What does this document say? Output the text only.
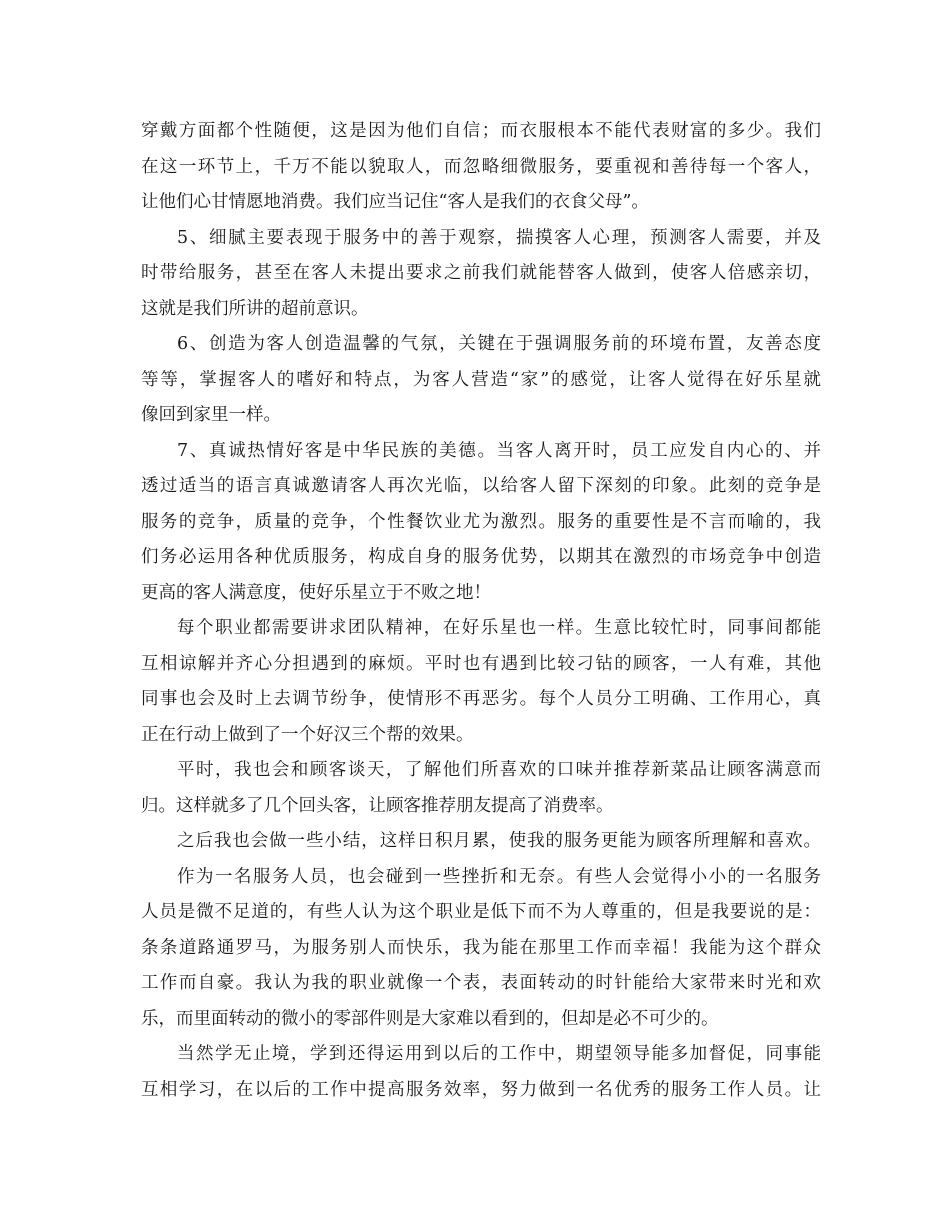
穿戴方面都个性随便，这是因为他们自信；而衣服根本不能代表财富的多少。我们
在这一环节上，千万不能以貌取人，而忽略细微服务，要重视和善待每一个客人，
让他们心甘情愿地消费。我们应当记住“客人是我们的衣食父母”。
5、细腻主要表现于服务中的善于观察，揣摸客人心理，预测客人需要，并及
时带给服务，甚至在客人未提出要求之前我们就能替客人做到，使客人倍感亲切，
这就是我们所讲的超前意识。
6、创造为客人创造温馨的气氛，关键在于强调服务前的环境布置，友善态度
等等，掌握客人的嗜好和特点，为客人营造“家”的感觉，让客人觉得在好乐星就
像回到家里一样。
7、真诚热情好客是中华民族的美德。当客人离开时，员工应发自内心的、并
透过适当的语言真诚邀请客人再次光临，以给客人留下深刻的印象。此刻的竞争是
服务的竞争，质量的竞争，个性餐饮业尤为激烈。服务的重要性是不言而喻的，我
们务必运用各种优质服务，构成自身的服务优势，以期其在激烈的市场竞争中创造
更高的客人满意度，使好乐星立于不败之地！
每个职业都需要讲求团队精神，在好乐星也一样。生意比较忙时，同事间都能
互相谅解并齐心分担遇到的麻烦。平时也有遇到比较刁钻的顾客，一人有难，其他
同事也会及时上去调节纷争，使情形不再恶劣。每个人员分工明确、工作用心，真
正在行动上做到了一个好汉三个帮的效果。
平时，我也会和顾客谈天，了解他们所喜欢的口味并推荐新菜品让顾客满意而
归。这样就多了几个回头客，让顾客推荐朋友提高了消费率。
之后我也会做一些小结，这样日积月累，使我的服务更能为顾客所理解和喜欢。
作为一名服务人员，也会碰到一些挫折和无奈。有些人会觉得小小的一名服务
人员是微不足道的，有些人认为这个职业是低下而不为人尊重的，但是我要说的是：
条条道路通罗马，为服务别人而快乐，我为能在那里工作而幸福！我能为这个群众
工作而自豪。我认为我的职业就像一个表，表面转动的时针能给大家带来时光和欢
乐，而里面转动的微小的零部件则是大家难以看到的，但却是必不可少的。
当然学无止境，学到还得运用到以后的工作中，期望领导能多加督促，同事能
互相学习，在以后的工作中提高服务效率，努力做到一名优秀的服务工作人员。让
